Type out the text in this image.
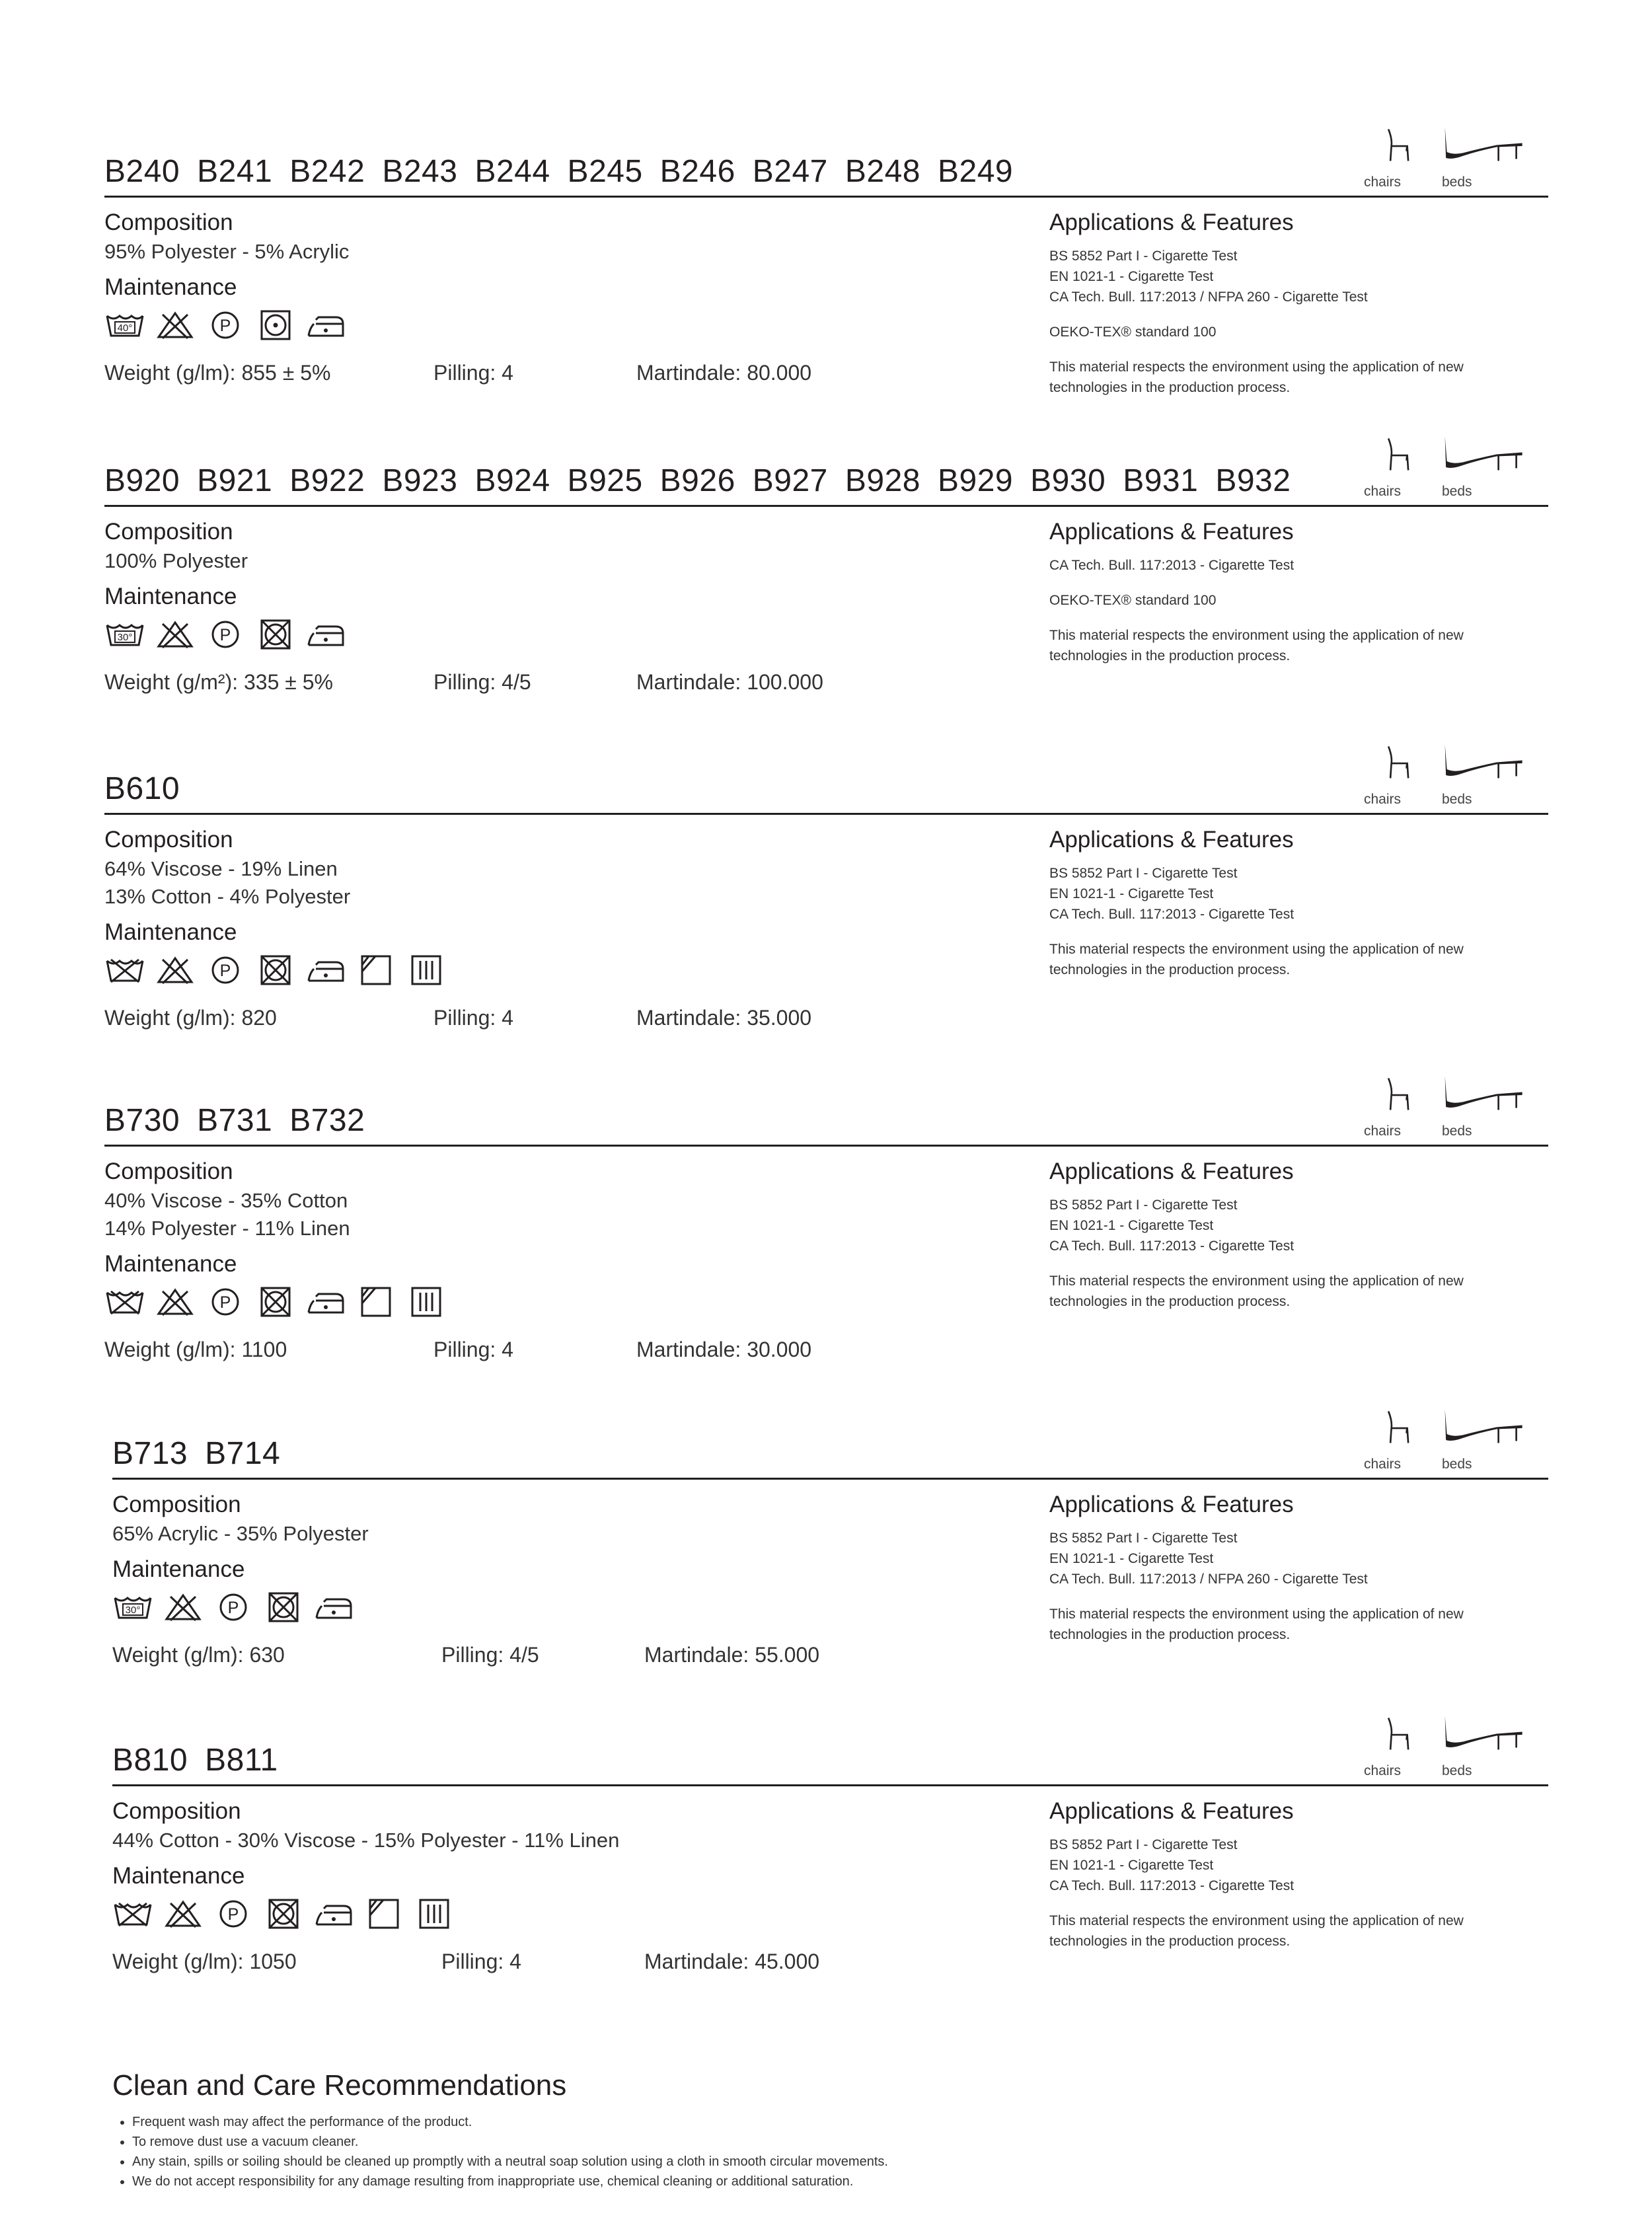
B240 B241 B242 B243 B244 B245 B246 B247 B248 B249	chairs	beds
Composition
95% Polyester - 5% Acrylic
Maintenance
40°	P
Weight (g/lm): 855 ± 5%	Pilling: 4	Martindale: 80.000
Applications & Features
BS 5852 Part I - Cigarette Test
EN 1021-1 - Cigarette Test
CA Tech. Bull. 117:2013 / NFPA 260 - Cigarette Test
OEKO-TEX® standard 100
This material respects the environment using the application of new technologies in the production process.
B920 B921 B922 B923 B924 B925 B926 B927 B928 B929 B930 B931 B932	chairs	beds
Composition
100% Polyester
Maintenance
30°	P
Weight (g/m²): 335 ± 5%	Pilling: 4/5	Martindale: 100.000
Applications & Features
CA Tech. Bull. 117:2013 - Cigarette Test
OEKO-TEX® standard 100
This material respects the environment using the application of new technologies in the production process.
B610	chairs	beds
Composition
64% Viscose - 19% Linen
13% Cotton - 4% Polyester
Maintenance
P
Weight (g/lm): 820	Pilling: 4	Martindale: 35.000
Applications & Features
BS 5852 Part I - Cigarette Test
EN 1021-1 - Cigarette Test
CA Tech. Bull. 117:2013 - Cigarette Test
This material respects the environment using the application of new technologies in the production process.
B730 B731 B732	chairs	beds
Composition
40% Viscose - 35% Cotton
14% Polyester - 11% Linen
Maintenance
P
Weight (g/lm): 1100	Pilling: 4	Martindale: 30.000
Applications & Features
BS 5852 Part I - Cigarette Test
EN 1021-1 - Cigarette Test
CA Tech. Bull. 117:2013 - Cigarette Test
This material respects the environment using the application of new technologies in the production process.
B713 B714	chairs	beds
Composition
65% Acrylic - 35% Polyester
Maintenance
30°	P
Weight (g/lm): 630	Pilling: 4/5	Martindale: 55.000
Applications & Features
BS 5852 Part I - Cigarette Test
EN 1021-1 - Cigarette Test
CA Tech. Bull. 117:2013 / NFPA 260 - Cigarette Test
This material respects the environment using the application of new technologies in the production process.
B810 B811	chairs	beds
Composition
44% Cotton - 30% Viscose - 15% Polyester - 11% Linen
Maintenance
P
Weight (g/lm): 1050	Pilling: 4	Martindale: 45.000
Applications & Features
BS 5852 Part I - Cigarette Test
EN 1021-1 - Cigarette Test
CA Tech. Bull. 117:2013 - Cigarette Test
This material respects the environment using the application of new technologies in the production process.
Clean and Care Recommendations
• Frequent wash may affect the performance of the product.
• To remove dust use a vacuum cleaner.
• Any stain, spills or soiling should be cleaned up promptly with a neutral soap solution using a cloth in smooth circular movements.
• We do not accept responsibility for any damage resulting from inappropriate use, chemical cleaning or additional saturation.
